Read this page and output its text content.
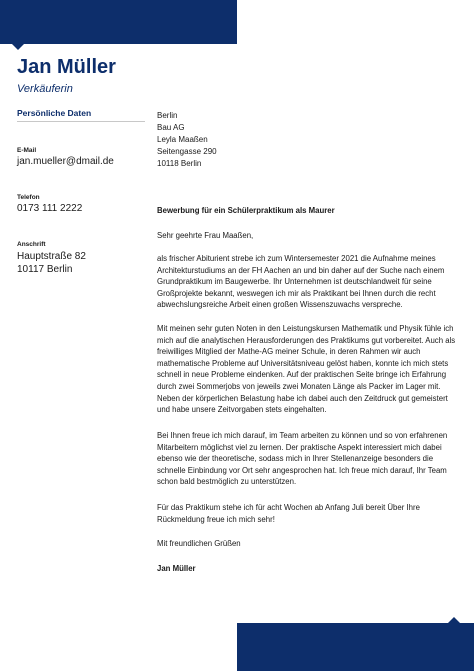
Jan Müller
Verkäuferin
Persönliche Daten
E-Mail
jan.mueller@dmail.de
Telefon
0173 111 2222
Anschrift
Hauptstraße 82
10117 Berlin
Berlin
Bau AG
Leyla Maaßen
Seitengasse 290
10118 Berlin
Bewerbung für ein Schülerpraktikum als Maurer

Sehr geehrte Frau Maaßen,

als frischer Abiturient strebe ich zum Wintersemester 2021 die Aufnahme meines Architekturstudiums an der FH Aachen an und bin daher auf der Suche nach einem Grundpraktikum im Baugewerbe. Ihr Unternehmen ist deutschlandweit für seine Großprojekte bekannt, weswegen ich mir als Praktikant bei Ihnen durch die recht abwechslungsreiche Arbeit einen großen Wissenszuwachs verspreche.

Mit meinen sehr guten Noten in den Leistungskursen Mathematik und Physik fühle ich mich auf die analytischen Herausforderungen des Praktikums gut vorbereitet. Auch als freiwilliges Mitglied der Mathe-AG meiner Schule, in deren Rahmen wir auch mathematische Probleme auf Universitätsniveau gelöst haben, konnte ich mich stets schnell in neue Probleme eindenken. Auf der praktischen Seite bringe ich Erfahrung durch zwei Sommerjobs von jeweils zwei Monaten Länge als Packer im Lager mit. Neben der körperlichen Belastung habe ich dabei auch den Zeitdruck gut gemeistert und habe unsere Zeitvorgaben stets eingehalten.

Bei Ihnen freue ich mich darauf, im Team arbeiten zu können und so von erfahrenen Mitarbeitern möglichst viel zu lernen. Der praktische Aspekt interessiert mich dabei ebenso wie der theoretische, sodass mich in Ihrer Stellenanzeige besonders die schnelle Einbindung vor Ort sehr angesprochen hat. Ich freue mich darauf, Ihr Team schon bald bestmöglich zu unterstützen.

Für das Praktikum stehe ich für acht Wochen ab Anfang Juli bereit Über Ihre Rückmeldung freue ich mich sehr!

Mit freundlichen Grüßen

Jan Müller
